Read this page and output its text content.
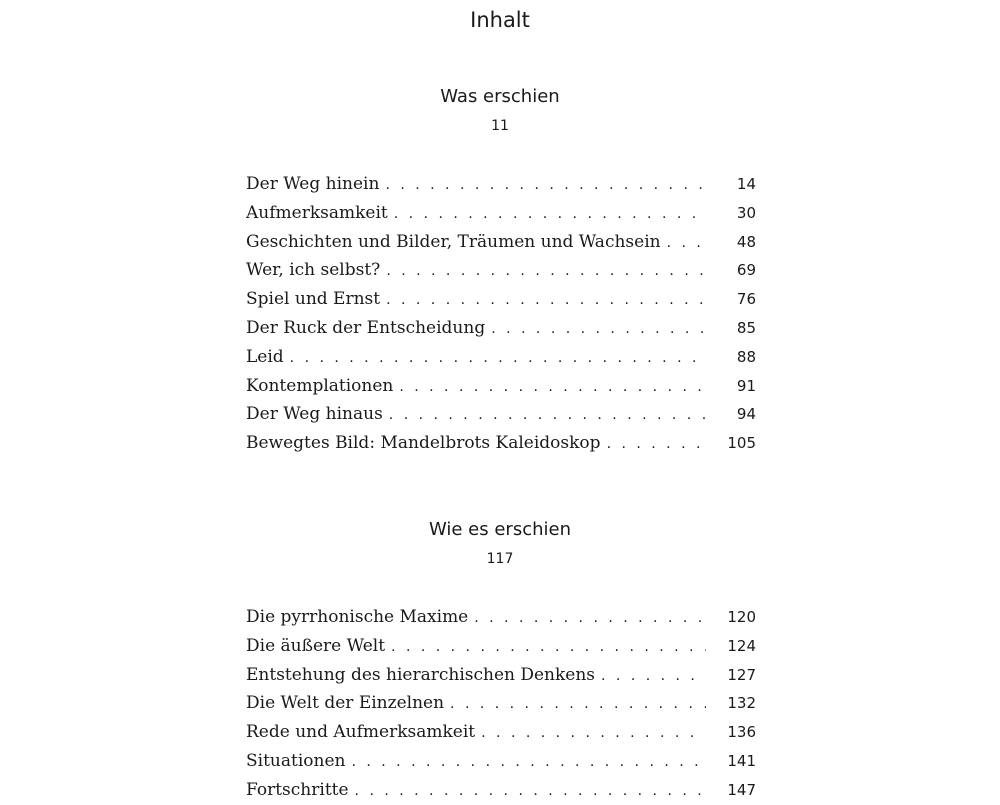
Inhalt
Was erschien
11
Der Weg hinein . . .	14
Aufmerksamkeit . . .	30
Geschichten und Bilder, Träumen und Wachsein . . .	48
Wer, ich selbst? . . .	69
Spiel und Ernst . . .	76
Der Ruck der Entscheidung . . .	85
Leid . . .	88
Kontemplationen . . .	91
Der Weg hinaus . . .	94
Bewegtes Bild: Mandelbrots Kaleidoskop . . .	105
Wie es erschien
117
Die pyrrhonische Maxime . . .	120
Die äußere Welt . . .	124
Entstehung des hierarchischen Denkens . . .	127
Die Welt der Einzelnen . . .	132
Rede und Aufmerksamkeit . . .	136
Situationen . . .	141
Fortschritte . . .	147
